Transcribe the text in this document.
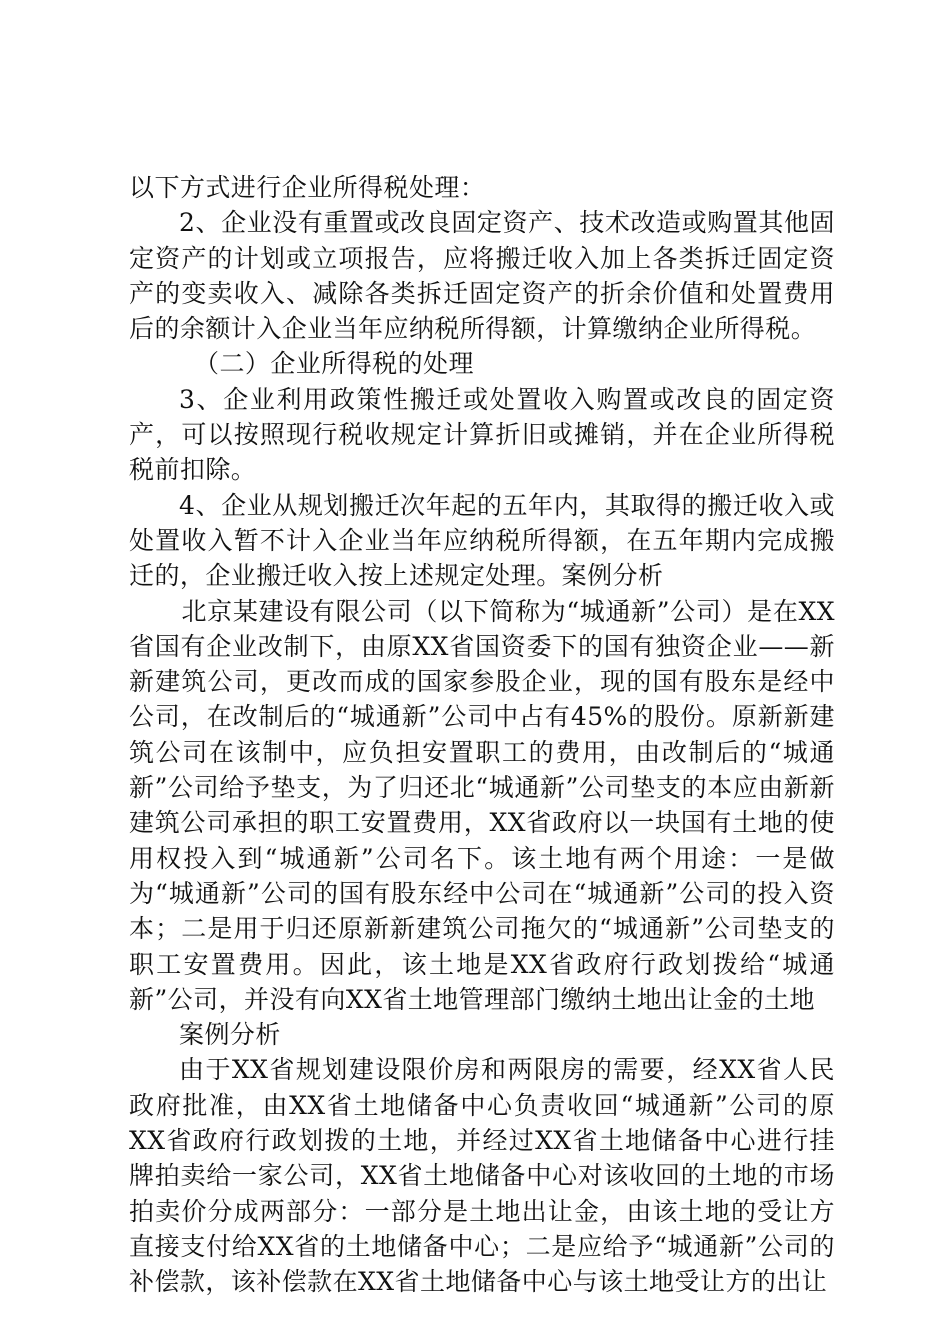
以下方式进行企业所得税处理：

2、企业没有重置或改良固定资产、技术改造或购置其他固定资产的计划或立项报告，应将搬迁收入加上各类拆迁固定资产的变卖收入、减除各类拆迁固定资产的折余价值和处置费用后的余额计入企业当年应纳税所得额，计算缴纳企业所得税。

（二）企业所得税的处理

3、企业利用政策性搬迁或处置收入购置或改良的固定资产，可以按照现行税收规定计算折旧或摊销，并在企业所得税税前扣除。

4、企业从规划搬迁次年起的五年内，其取得的搬迁收入或处置收入暂不计入企业当年应纳税所得额，在五年期内完成搬迁的，企业搬迁收入按上述规定处理。案例分析

北京某建设有限公司（以下简称为“城通新”公司）是在XX省国有企业改制下，由原XX省国资委下的国有独资企业——新新建筑公司，更改而成的国家参股企业，现的国有股东是经中公司，在改制后的“城通新”公司中占有45%的股份。原新新建筑公司在该制中，应负担安置职工的费用，由改制后的“城通新”公司给予垫支，为了归还北“城通新”公司垫支的本应由新新建筑公司承担的职工安置费用，XX省政府以一块国有土地的使用权投入到“城通新”公司名下。该土地有两个用途：一是做为“城通新”公司的国有股东经中公司在“城通新”公司的投入资本；二是用于归还原新新建筑公司拖欠的“城通新”公司垫支的职工安置费用。因此，该土地是XX省政府行政划拨给“城通新”公司，并没有向XX省土地管理部门缴纳土地出让金的土地

案例分析

由于XX省规划建设限价房和两限房的需要，经XX省人民政府批准，由XX省土地储备中心负责收回“城通新”公司的原XX省政府行政划拨的土地，并经过XX省土地储备中心进行挂牌拍卖给一家公司，XX省土地储备中心对该收回的土地的市场拍卖价分成两部分：一部分是土地出让金，由该土地的受让方直接支付给XX省的土地储备中心；二是应给予“城通新”公司的补偿款，该补偿款在XX省土地储备中心与该土地受让方的出让
